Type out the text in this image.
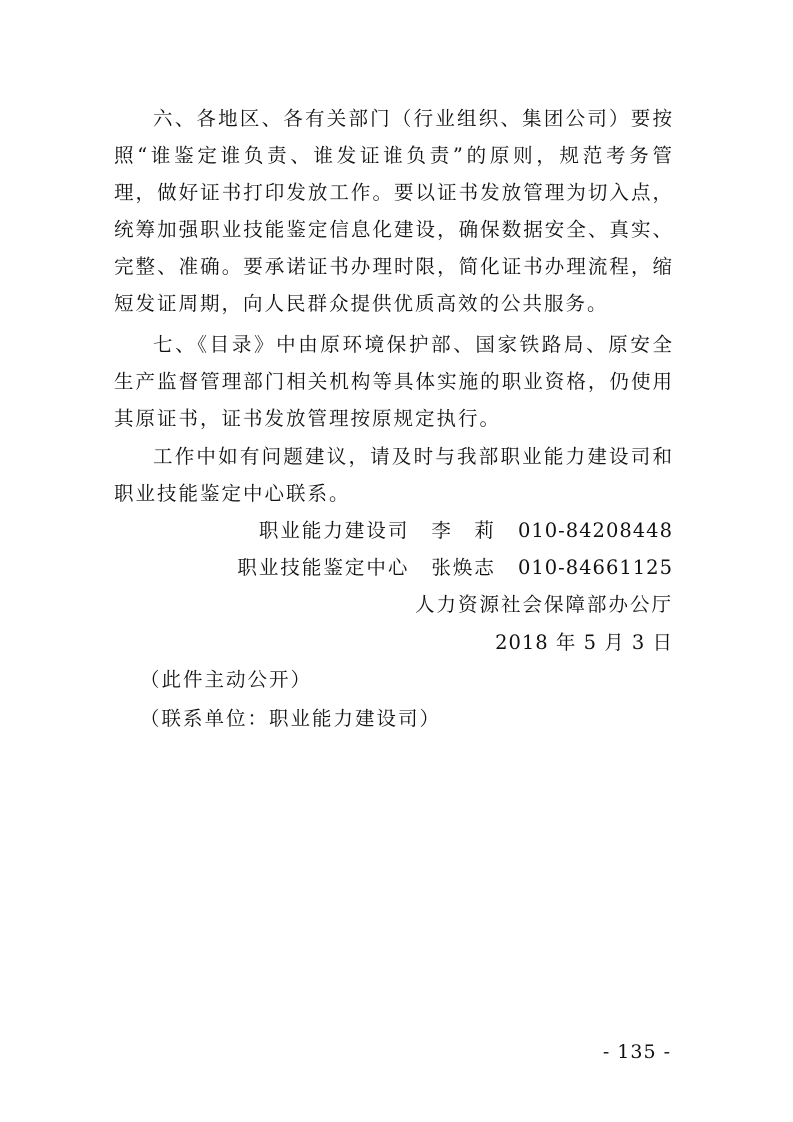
六、各地区、各有关部门（行业组织、集团公司）要按照“谁鉴定谁负责、谁发证谁负责”的原则，规范考务管理，做好证书打印发放工作。要以证书发放管理为切入点，统筹加强职业技能鉴定信息化建设，确保数据安全、真实、完整、准确。要承诺证书办理时限，简化证书办理流程，缩短发证周期，向人民群众提供优质高效的公共服务。

七、《目录》中由原环境保护部、国家铁路局、原安全生产监督管理部门相关机构等具体实施的职业资格，仍使用其原证书，证书发放管理按原规定执行。

工作中如有问题建议，请及时与我部职业能力建设司和职业技能鉴定中心联系。

职业能力建设司 李　莉 010-84208448

职业技能鉴定中心 张焕志 010-84661125

人力资源社会保障部办公厅

2018 年 5 月 3 日

（此件主动公开）

（联系单位：职业能力建设司）

- 135 -
